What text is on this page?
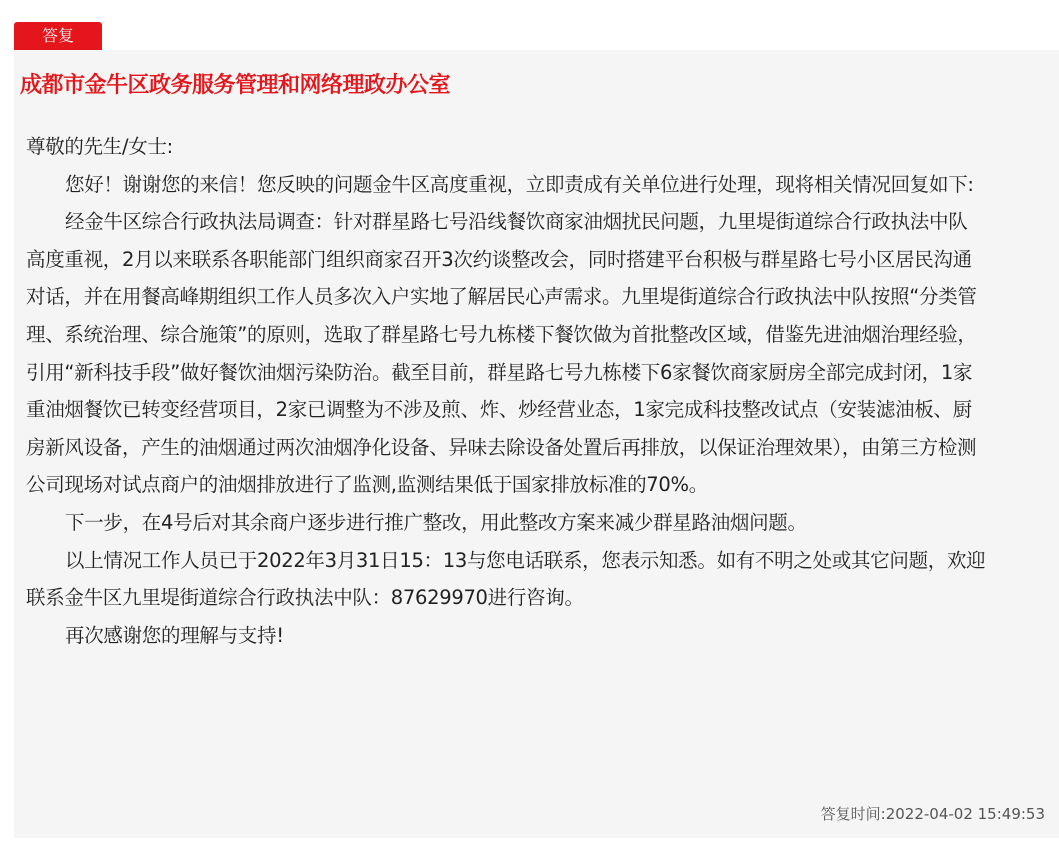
答复
成都市金牛区政务服务管理和网络理政办公室

尊敬的先生/女士:

您好！谢谢您的来信！您反映的问题金牛区高度重视，立即责成有关单位进行处理，现将相关情况回复如下:

经金牛区综合行政执法局调查：针对群星路七号沿线餐饮商家油烟扰民问题，九里堤街道综合行政执法中队高度重视，2月以来联系各职能部门组织商家召开3次约谈整改会，同时搭建平台积极与群星路七号小区居民沟通对话，并在用餐高峰期组织工作人员多次入户实地了解居民心声需求。九里堤街道综合行政执法中队按照“分类管理、系统治理、综合施策”的原则，选取了群星路七号九栋楼下餐饮做为首批整改区域，借鉴先进油烟治理经验，引用“新科技手段”做好餐饮油烟污染防治。截至目前，群星路七号九栋楼下6家餐饮商家厨房全部完成封闭，1家重油烟餐饮已转变经营项目，2家已调整为不涉及煎、炸、炒经营业态，1家完成科技整改试点（安装滤油板、厨房新风设备，产生的油烟通过两次油烟净化设备、异味去除设备处置后再排放，以保证治理效果），由第三方检测公司现场对试点商户的油烟排放进行了监测,监测结果低于国家排放标准的70%。

下一步，在4号后对其余商户逐步进行推广整改，用此整改方案来减少群星路油烟问题。

以上情况工作人员已于2022年3月31日15：13与您电话联系，您表示知悉。如有不明之处或其它问题，欢迎联系金牛区九里堤街道综合行政执法中队：87629970进行咨询。

再次感谢您的理解与支持!

答复时间:2022-04-02 15:49:53
